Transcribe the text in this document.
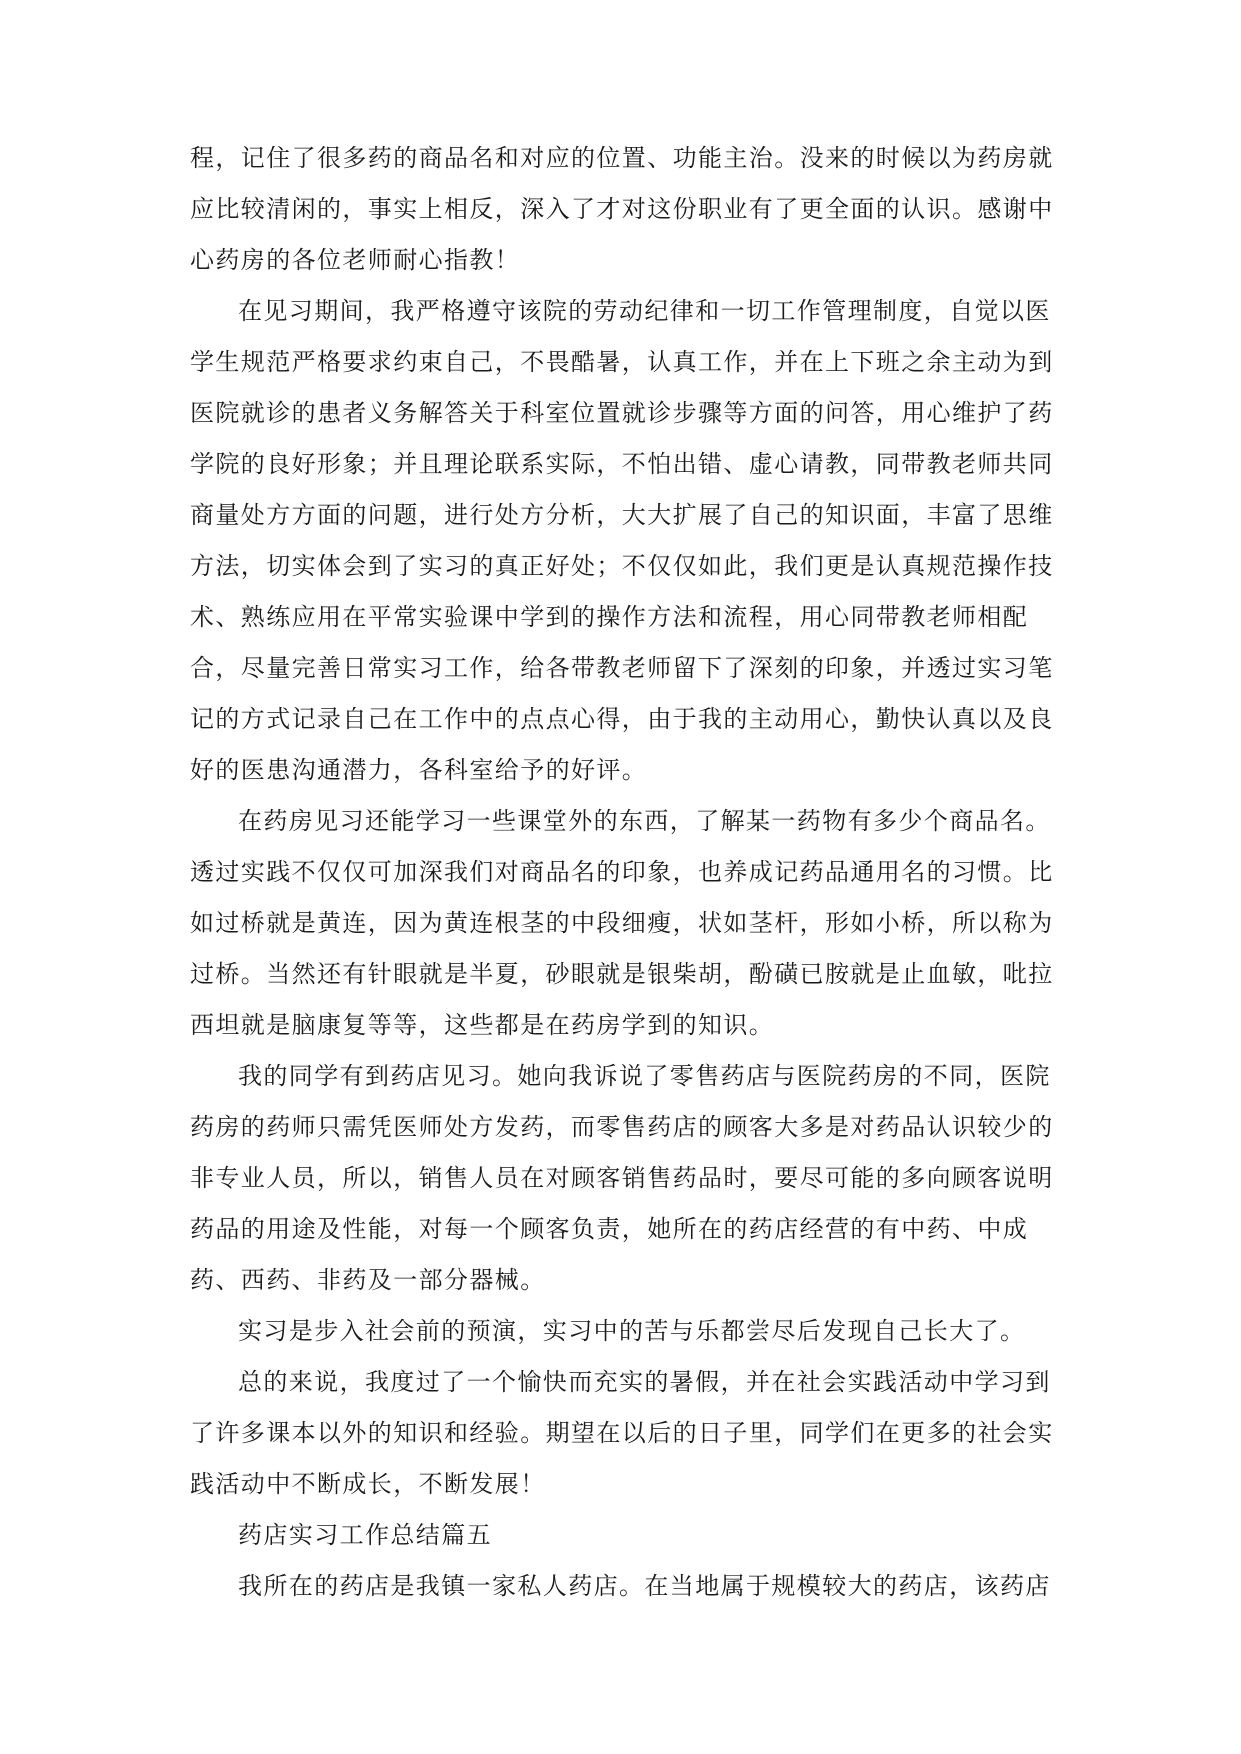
程，记住了很多药的商品名和对应的位置、功能主治。没来的时候以为药房就
应比较清闲的，事实上相反，深入了才对这份职业有了更全面的认识。感谢中
心药房的各位老师耐心指教！
在见习期间，我严格遵守该院的劳动纪律和一切工作管理制度，自觉以医
学生规范严格要求约束自己，不畏酷暑，认真工作，并在上下班之余主动为到
医院就诊的患者义务解答关于科室位置就诊步骤等方面的问答，用心维护了药
学院的良好形象；并且理论联系实际，不怕出错、虚心请教，同带教老师共同
商量处方方面的问题，进行处方分析，大大扩展了自己的知识面，丰富了思维
方法，切实体会到了实习的真正好处；不仅仅如此，我们更是认真规范操作技
术、熟练应用在平常实验课中学到的操作方法和流程，用心同带教老师相配
合，尽量完善日常实习工作，给各带教老师留下了深刻的印象，并透过实习笔
记的方式记录自己在工作中的点点心得，由于我的主动用心，勤快认真以及良
好的医患沟通潜力，各科室给予的好评。
在药房见习还能学习一些课堂外的东西，了解某一药物有多少个商品名。
透过实践不仅仅可加深我们对商品名的印象，也养成记药品通用名的习惯。比
如过桥就是黄连，因为黄连根茎的中段细瘦，状如茎杆，形如小桥，所以称为
过桥。当然还有针眼就是半夏，砂眼就是银柴胡，酚磺已胺就是止血敏，吡拉
西坦就是脑康复等等，这些都是在药房学到的知识。
我的同学有到药店见习。她向我诉说了零售药店与医院药房的不同，医院
药房的药师只需凭医师处方发药，而零售药店的顾客大多是对药品认识较少的
非专业人员，所以，销售人员在对顾客销售药品时，要尽可能的多向顾客说明
药品的用途及性能，对每一个顾客负责，她所在的药店经营的有中药、中成
药、西药、非药及一部分器械。
实习是步入社会前的预演，实习中的苦与乐都尝尽后发现自己长大了。
总的来说，我度过了一个愉快而充实的暑假，并在社会实践活动中学习到
了许多课本以外的知识和经验。期望在以后的日子里，同学们在更多的社会实
践活动中不断成长，不断发展！
药店实习工作总结篇五
我所在的药店是我镇一家私人药店。在当地属于规模较大的药店，该药店
